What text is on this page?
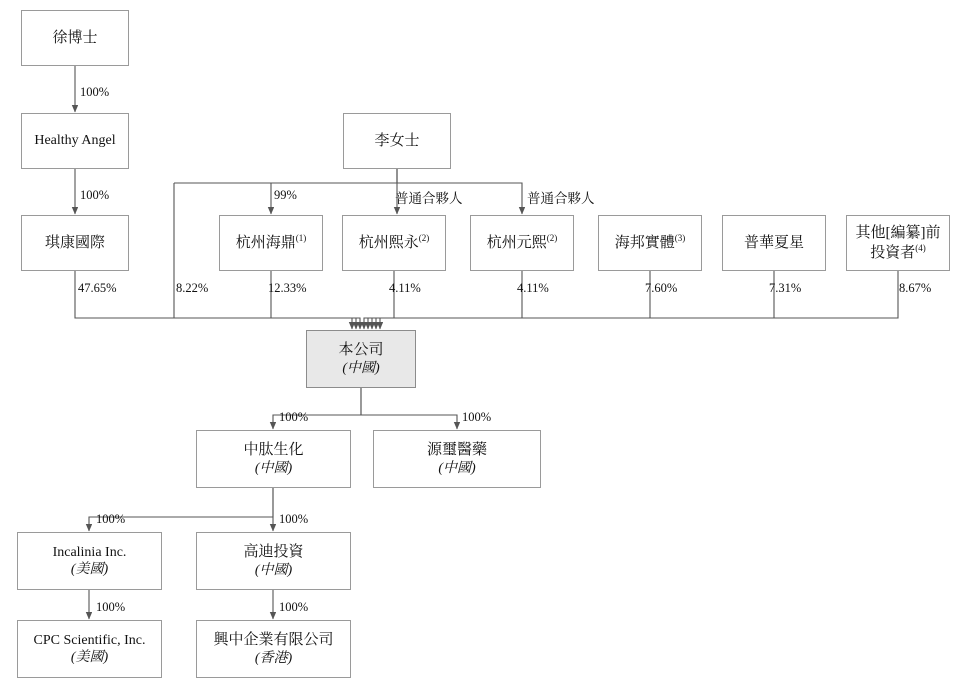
徐博士
Healthy Angel
琪康國際
李女士
杭州海鼎$^{(1)}$	杭州熙永$^{(2)}$	杭州元熙$^{(2)}$	海邦實體$^{(3)}$	普華夏星
其他[編纂]前
投資者$^{(4)}$
本公司
(中國)
中肽生化
(中國)
源璽醫藥
(中國)
Incalinia Inc.
(美國)
高迪投資
(中國)
CPC Scientific, Inc.
(美國)
興中企業有限公司
(香港)
100%
100%	99%	普通合夥人	普通合夥人
47.65%	8.22%	12.33%	4.11%	4.11%	7.60%	7.31%	8.67%
100%	100%
100%	100%
100%	100%
